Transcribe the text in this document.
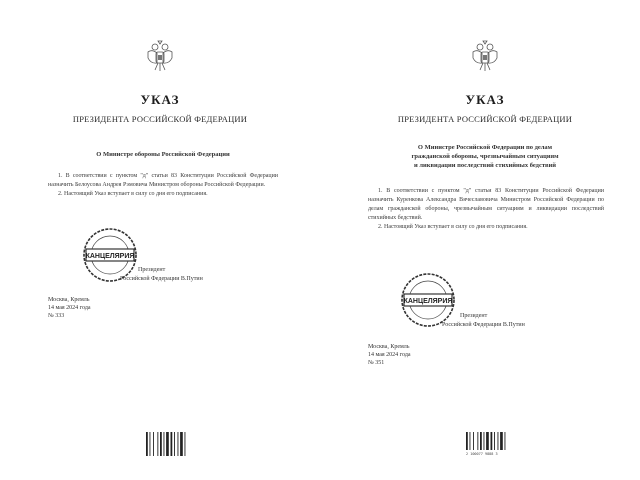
УКАЗ
ПРЕЗИДЕНТА РОССИЙСКОЙ ФЕДЕРАЦИИ
О Министре обороны Российской Федерации

1. В соответствии с пунктом "д" статьи 83 Конституции Российской Федерации назначить Белоусова Андрея Рэмовича Министром обороны Российской Федерации.

2. Настоящий Указ вступает в силу со дня его подписания.

КАНЦЕЛЯРИЯ
Президент
Российской Федерации В.Путин
Москва, Кремль
14 мая 2024 года
№ 333
УКАЗ
ПРЕЗИДЕНТА РОССИЙСКОЙ ФЕДЕРАЦИИ
О Министре Российской Федерации по делам
гражданской обороны, чрезвычайным ситуациям
и ликвидации последствий стихийных бедствий

1. В соответствии с пунктом "д" статьи 83 Конституции Российской Федерации назначить Куренкова Александра Вячеславовича Министром Российской Федерации по делам гражданской обороны, чрезвычайным ситуациям и ликвидации последствий стихийных бедствий.

2. Настоящий Указ вступает в силу со дня его подписания.

КАНЦЕЛЯРИЯ
Президент
Российской Федерации В.Путин
Москва, Кремль
14 мая 2024 года
№ 351
2 100077 9888 3
